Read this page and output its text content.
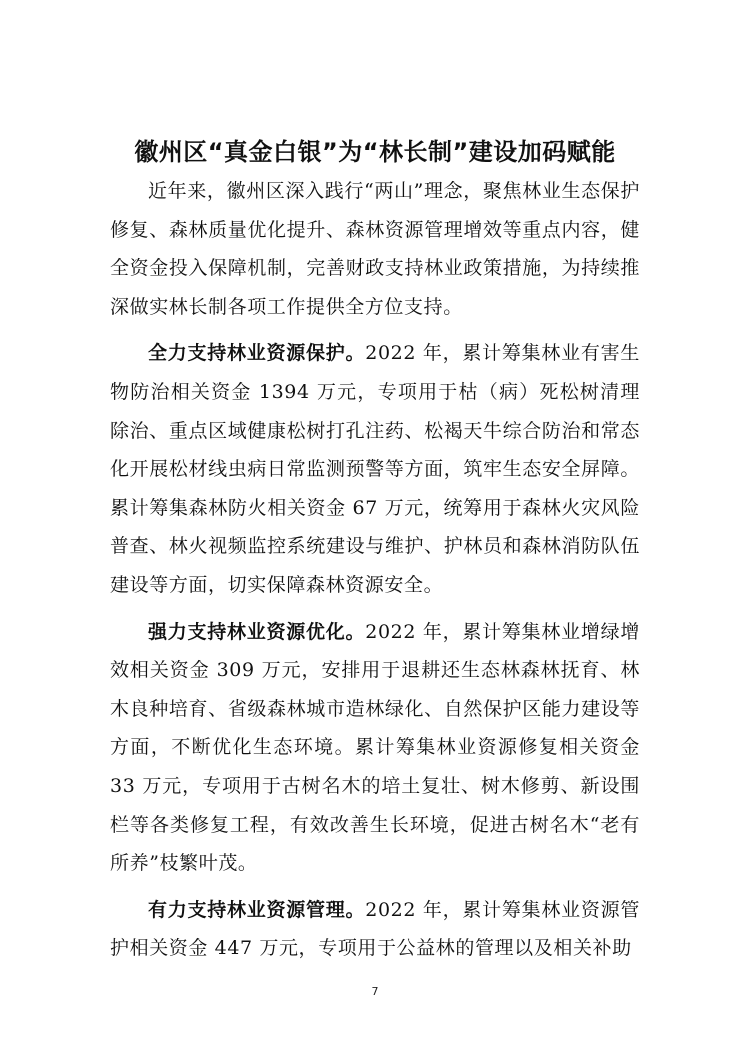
徽州区“真金白银”为“林长制”建设加码赋能

近年来，徽州区深入践行“两山”理念，聚焦林业生态保护修复、森林质量优化提升、森林资源管理增效等重点内容，健全资金投入保障机制，完善财政支持林业政策措施，为持续推深做实林长制各项工作提供全方位支持。

全力支持林业资源保护。2022 年，累计筹集林业有害生物防治相关资金 1394 万元，专项用于枯（病）死松树清理除治、重点区域健康松树打孔注药、松褐天牛综合防治和常态化开展松材线虫病日常监测预警等方面，筑牢生态安全屏障。累计筹集森林防火相关资金 67 万元，统筹用于森林火灾风险普查、林火视频监控系统建设与维护、护林员和森林消防队伍建设等方面，切实保障森林资源安全。

强力支持林业资源优化。2022 年，累计筹集林业增绿增效相关资金 309 万元，安排用于退耕还生态林森林抚育、林木良种培育、省级森林城市造林绿化、自然保护区能力建设等方面，不断优化生态环境。累计筹集林业资源修复相关资金 33 万元，专项用于古树名木的培土复壮、树木修剪、新设围栏等各类修复工程，有效改善生长环境，促进古树名木“老有所养”枝繁叶茂。

有力支持林业资源管理。2022 年，累计筹集林业资源管护相关资金 447 万元，专项用于公益林的管理以及相关补助

7
